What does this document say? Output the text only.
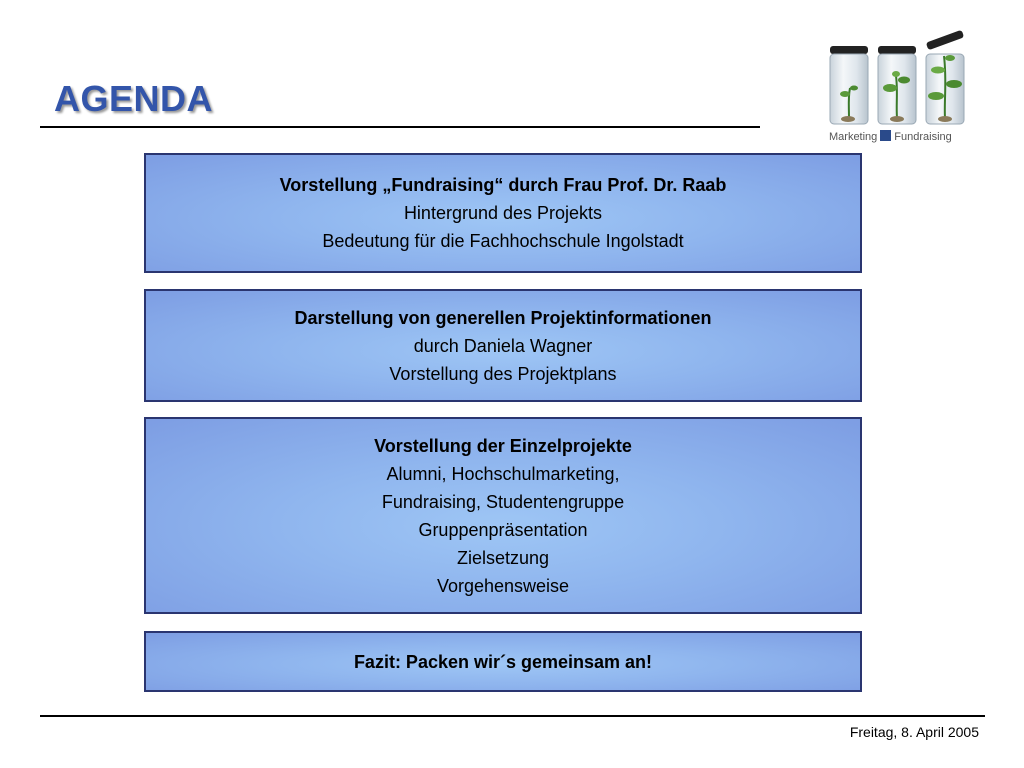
AGENDA
Marketing Fundraising
Vorstellung „Fundraising“ durch Frau Prof. Dr. Raab
Hintergrund des Projekts
Bedeutung für die Fachhochschule Ingolstadt
Darstellung von generellen Projektinformationen
durch Daniela Wagner
Vorstellung des Projektplans
Vorstellung der Einzelprojekte
Alumni, Hochschulmarketing,
Fundraising, Studentengruppe
Gruppenpräsentation
Zielsetzung
Vorgehensweise
Fazit: Packen wir´s gemeinsam an!
Freitag, 8. April 2005
